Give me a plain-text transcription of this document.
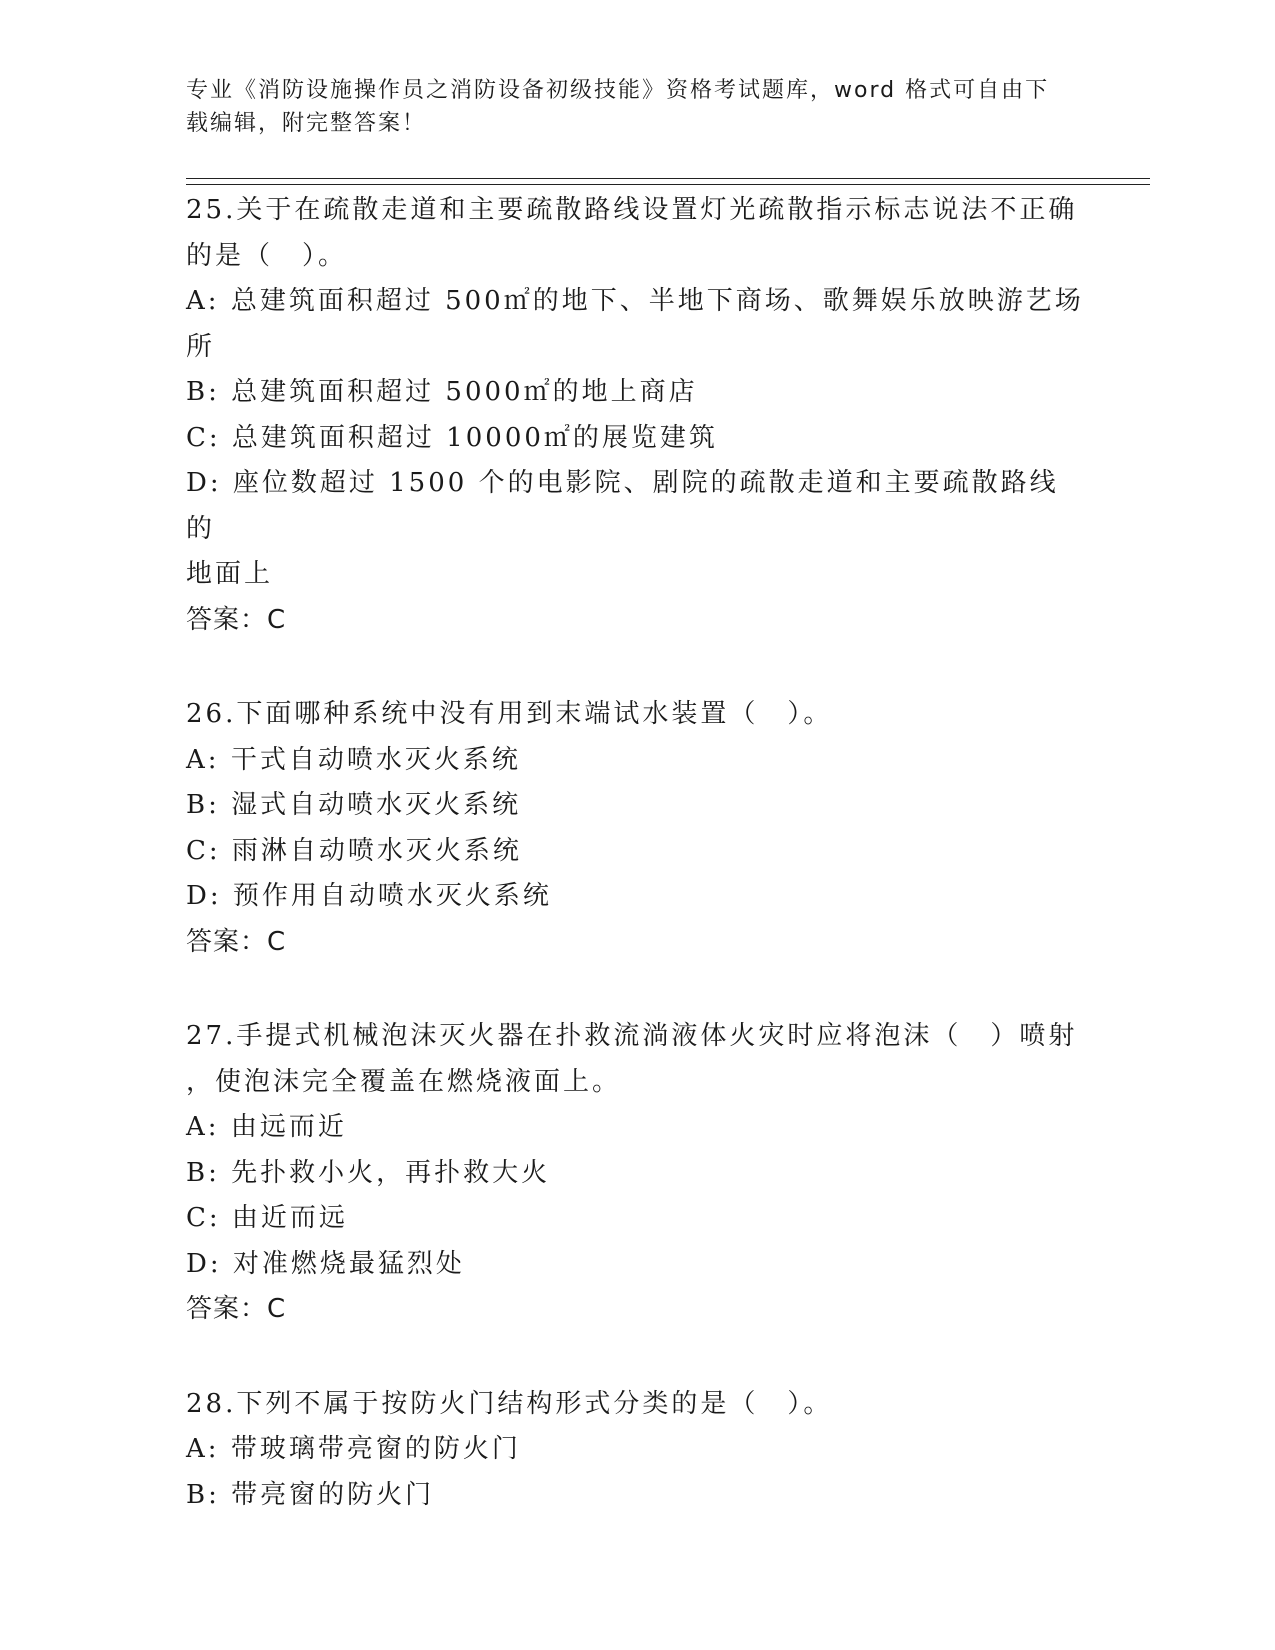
专业《消防设施操作员之消防设备初级技能》资格考试题库，word 格式可自由下
载编辑，附完整答案！

25.关于在疏散走道和主要疏散路线设置灯光疏散指示标志说法不正确

的是（　）。

A: 总建筑面积超过 500㎡的地下、半地下商场、歌舞娱乐放映游艺场

所

B: 总建筑面积超过 5000㎡的地上商店

C: 总建筑面积超过 10000㎡的展览建筑

D: 座位数超过 1500 个的电影院、剧院的疏散走道和主要疏散路线的

地面上

答案：C

26.下面哪种系统中没有用到末端试水装置（　）。

A: 干式自动喷水灭火系统

B: 湿式自动喷水灭火系统

C: 雨淋自动喷水灭火系统

D: 预作用自动喷水灭火系统

答案：C

27.手提式机械泡沫灭火器在扑救流淌液体火灾时应将泡沫（　）喷射

，使泡沫完全覆盖在燃烧液面上。

A: 由远而近

B: 先扑救小火，再扑救大火

C: 由近而远

D: 对准燃烧最猛烈处

答案：C

28.下列不属于按防火门结构形式分类的是（　）。

A: 带玻璃带亮窗的防火门

B: 带亮窗的防火门
